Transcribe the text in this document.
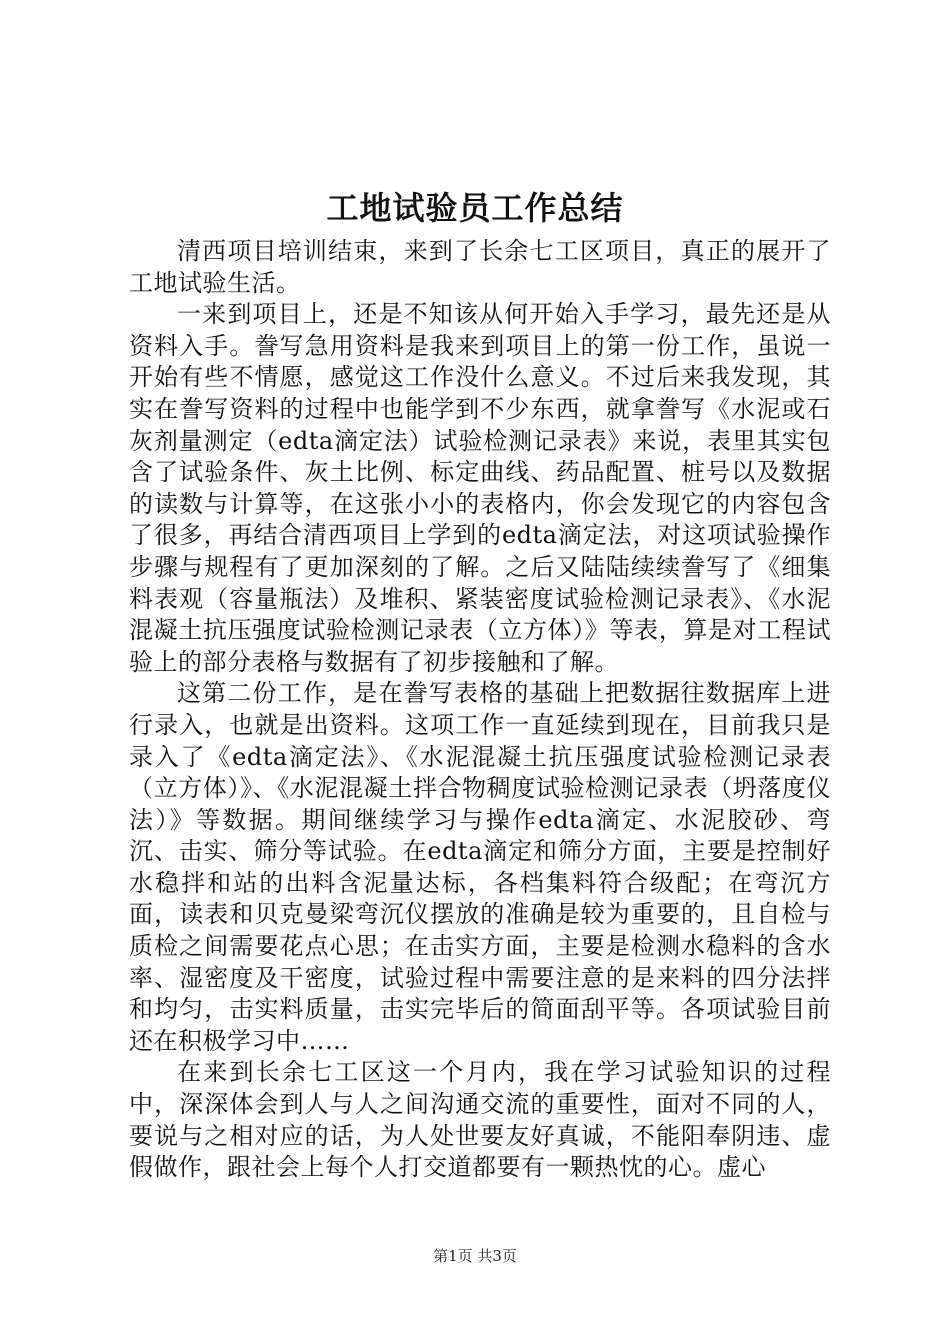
工地试验员工作总结

清西项目培训结束，来到了长余七工区项目，真正的展开了工地试验生活。

一来到项目上，还是不知该从何开始入手学习，最先还是从资料入手。誊写急用资料是我来到项目上的第一份工作，虽说一开始有些不情愿，感觉这工作没什么意义。不过后来我发现，其实在誊写资料的过程中也能学到不少东西，就拿誊写《水泥或石灰剂量测定（edta滴定法）试验检测记录表》来说，表里其实包含了试验条件、灰土比例、标定曲线、药品配置、桩号以及数据的读数与计算等，在这张小小的表格内，你会发现它的内容包含了很多，再结合清西项目上学到的edta滴定法，对这项试验操作步骤与规程有了更加深刻的了解。之后又陆陆续续誊写了《细集料表观（容量瓶法）及堆积、紧装密度试验检测记录表》、《水泥混凝土抗压强度试验检测记录表（立方体）》等表，算是对工程试验上的部分表格与数据有了初步接触和了解。

这第二份工作，是在誊写表格的基础上把数据往数据库上进行录入，也就是出资料。这项工作一直延续到现在，目前我只是录入了《edta滴定法》、《水泥混凝土抗压强度试验检测记录表（立方体）》、《水泥混凝土拌合物稠度试验检测记录表（坍落度仪法）》等数据。期间继续学习与操作edta滴定、水泥胶砂、弯沉、击实、筛分等试验。在edta滴定和筛分方面，主要是控制好水稳拌和站的出料含泥量达标，各档集料符合级配；在弯沉方面，读表和贝克曼梁弯沉仪摆放的准确是较为重要的，且自检与质检之间需要花点心思；在击实方面，主要是检测水稳料的含水率、湿密度及干密度，试验过程中需要注意的是来料的四分法拌和均匀，击实料质量，击实完毕后的简面刮平等。各项试验目前还在积极学习中……

在来到长余七工区这一个月内，我在学习试验知识的过程中，深深体会到人与人之间沟通交流的重要性，面对不同的人，要说与之相对应的话，为人处世要友好真诚，不能阳奉阴违、虚假做作，跟社会上每个人打交道都要有一颗热忱的心。虚心

第1页 共3页
